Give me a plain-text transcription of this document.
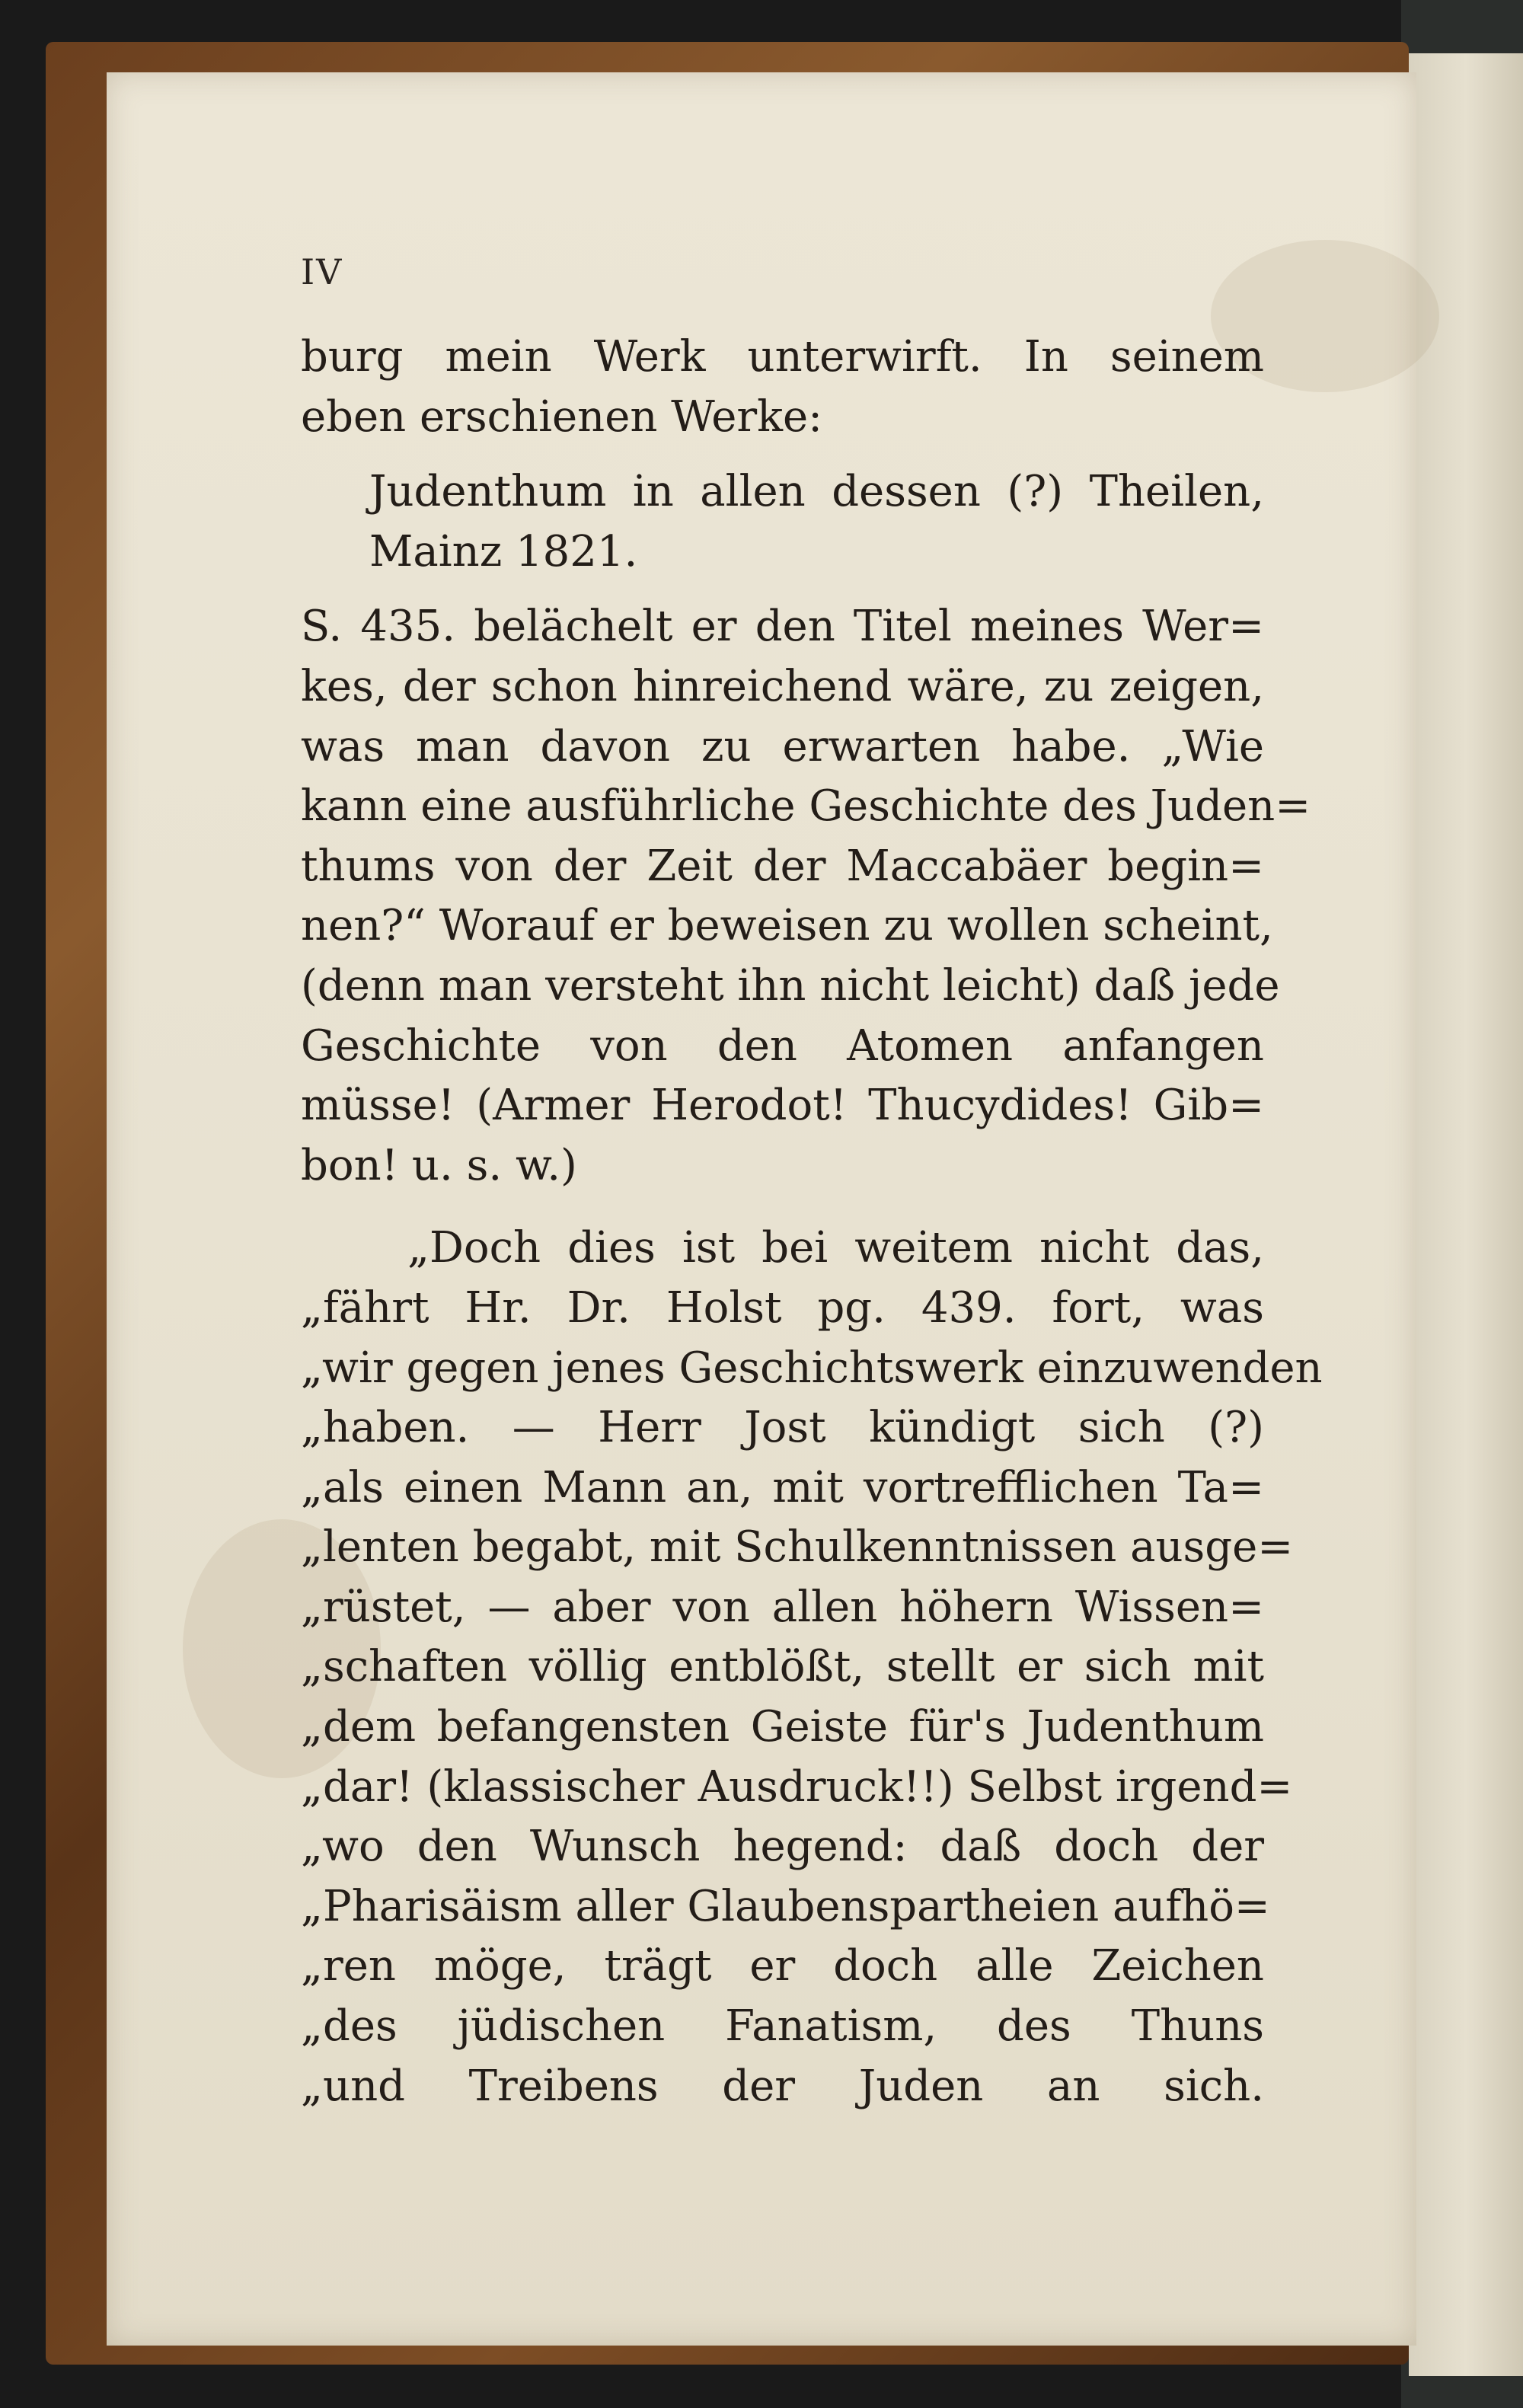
IV
burg mein Werk unterwirft. In seinem
eben erschienen Werke:
Judenthum in allen dessen (?) Theilen,
Mainz 1821.
S. 435. belächelt er den Titel meines Wer=
kes, der schon hinreichend wäre, zu zeigen,
was man davon zu erwarten habe. „Wie
kann eine ausführliche Geschichte des Juden=
thums von der Zeit der Maccabäer begin=
nen?“ Worauf er beweisen zu wollen scheint,
(denn man versteht ihn nicht leicht) daß jede
Geschichte von den Atomen anfangen
müsse! (Armer Herodot! Thucydides! Gib=
bon! u. s. w.)
„Doch dies ist bei weitem nicht das,
„fährt Hr. Dr. Holst pg. 439. fort, was
„wir gegen jenes Geschichtswerk einzuwenden
„haben. — Herr Jost kündigt sich (?)
„als einen Mann an, mit vortrefflichen Ta=
„lenten begabt, mit Schulkenntnissen ausge=
„rüstet, — aber von allen höhern Wissen=
„schaften völlig entblößt, stellt er sich mit
„dem befangensten Geiste für's Judenthum
„dar! (klassischer Ausdruck!!) Selbst irgend=
„wo den Wunsch hegend: daß doch der
„Pharisäism aller Glaubenspartheien aufhö=
„ren möge, trägt er doch alle Zeichen
„des jüdischen Fanatism, des Thuns
„und Treibens der Juden an sich.
